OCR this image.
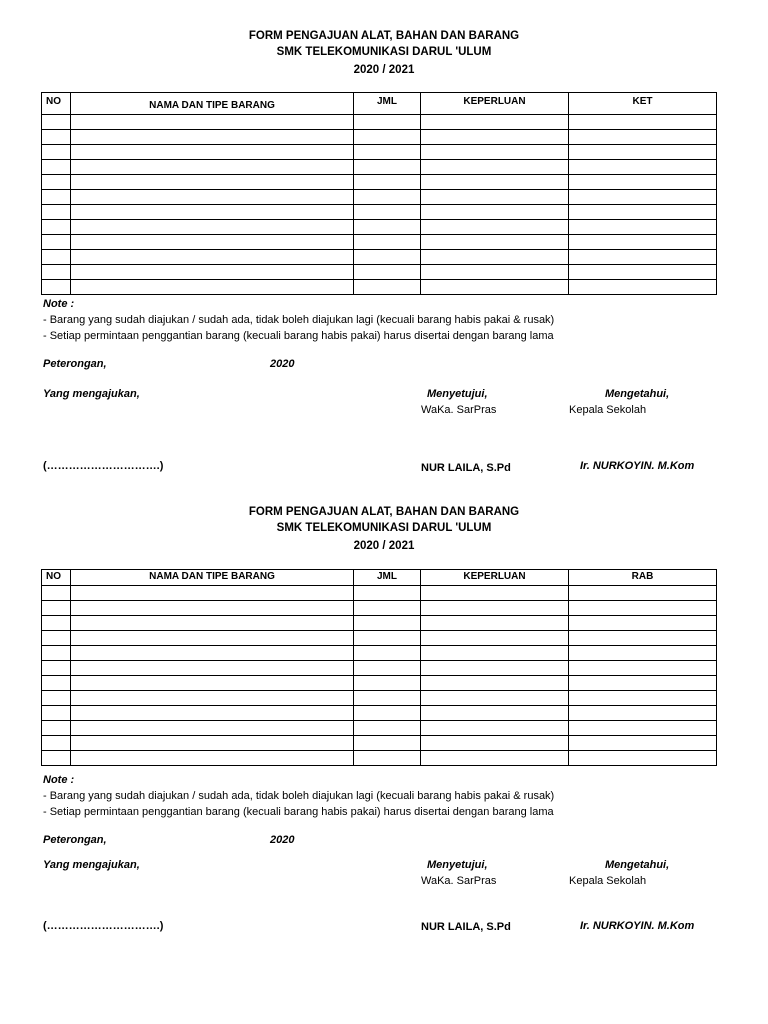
FORM PENGAJUAN ALAT, BAHAN DAN BARANG
SMK TELEKOMUNIKASI DARUL 'ULUM
2020 / 2021
NO	NAMA DAN TIPE BARANG	JML	KEPERLUAN	KET

Note :
- Barang yang sudah diajukan / sudah ada, tidak boleh diajukan lagi (kecuali barang habis pakai & rusak)
- Setiap permintaan penggantian barang (kecuali barang habis pakai) harus disertai dengan barang lama
Peterongan,	2020
Yang mengajukan,	Menyetujui,
WaKa. SarPras
Mengetahui,
Kepala Sekolah
(………………………….)	NUR LAILA, S.Pd	Ir. NURKOYIN. M.Kom
FORM PENGAJUAN ALAT, BAHAN DAN BARANG
SMK TELEKOMUNIKASI DARUL 'ULUM
2020 / 2021
NO	NAMA DAN TIPE BARANG	JML	KEPERLUAN	RAB

Note :
- Barang yang sudah diajukan / sudah ada, tidak boleh diajukan lagi (kecuali barang habis pakai & rusak)
- Setiap permintaan penggantian barang (kecuali barang habis pakai) harus disertai dengan barang lama
Peterongan,	2020
Yang mengajukan,	Menyetujui,
WaKa. SarPras
Mengetahui,
Kepala Sekolah
(………………………….)	NUR LAILA, S.Pd	Ir. NURKOYIN. M.Kom
